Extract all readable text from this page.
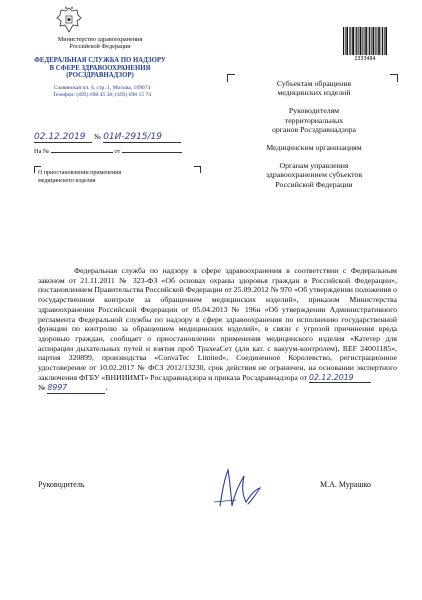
Министерство здравоохранения
Российской Федерации
ФЕДЕРАЛЬНАЯ СЛУЖБА ПО НАДЗОРУ
В СФЕРЕ ЗДРАВООХРАНЕНИЯ
(РОСЗДРАВНАДЗОР)
Славянская пл. 4, стр. 1, Москва, 109074
Телефон: (495) 698 45 38; (495) 698 15 74
02.12.2019 № 01И-2915/19
На №	от
О приостановлении применения
медицинского изделия
2333484
Субъектам обращения
медицинских изделий
Руководителям
территориальных
органов Росздравнадзора
Медицинским организациям
Органам управления
здравоохранением субъектов
Российской Федерации
Федеральная служба по надзору в сфере здравоохранения в соответствии с Федеральным законом от 21.11.2011 № 323-ФЗ «Об основах охраны здоровья граждан в Российской Федерации», постановлением Правительства Российской Федерации от 25.09.2012 № 970 «Об утверждении положения о государственном контроле за обращением медицинских изделий», приказом Министерства здравоохранения Российской Федерации от 05.04.2013 № 196н «Об утверждении Административного регламента Федеральной службы по надзору в сфере здравоохранения по исполнению государственной функции по контролю за обращением медицинских изделий», в связи с угрозой причинения вреда здоровью граждан, сообщает о приостановлении применения медицинского изделия «Катетер для аспирации дыхательных путей и взятия проб ТрахеаСет (для кат. с вакуум-контролем), REF 24001185», партия 320899, производства «ConvaTec Limited», Соединенное Королевство, регистрационное удостоверение от 10.02.2017 № ФСЗ 2012/13230, срок действия не ограничен, на основании экспертного заключения ФГБУ «ВНИИИМТ» Росздравнадзора и приказа Росздравнадзора от 02.12.2019
№ 8997	.
Руководитель	М.А. Мурашко
